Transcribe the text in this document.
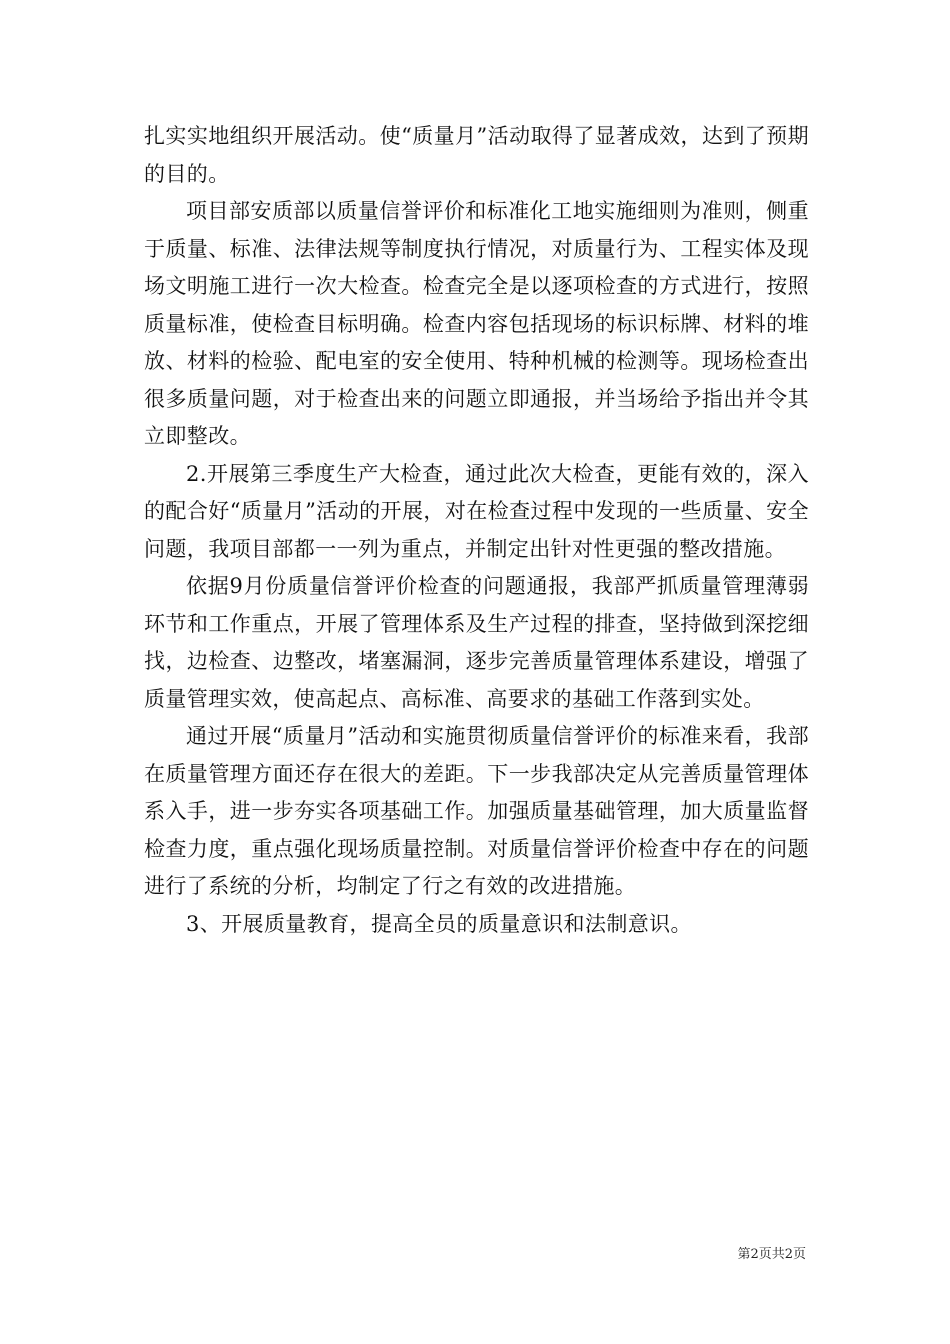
扎实实地组织开展活动。使“质量月”活动取得了显著成效，达到了预期的目的。

项目部安质部以质量信誉评价和标准化工地实施细则为准则，侧重于质量、标准、法律法规等制度执行情况，对质量行为、工程实体及现场文明施工进行一次大检查。检查完全是以逐项检查的方式进行，按照质量标准，使检查目标明确。检查内容包括现场的标识标牌、材料的堆放、材料的检验、配电室的安全使用、特种机械的检测等。现场检查出很多质量问题，对于检查出来的问题立即通报，并当场给予指出并令其立即整改。

2.开展第三季度生产大检查，通过此次大检查，更能有效的，深入的配合好“质量月”活动的开展，对在检查过程中发现的一些质量、安全问题，我项目部都一一列为重点，并制定出针对性更强的整改措施。

依据9月份质量信誉评价检查的问题通报，我部严抓质量管理薄弱环节和工作重点，开展了管理体系及生产过程的排查，坚持做到深挖细找，边检查、边整改，堵塞漏洞，逐步完善质量管理体系建设，增强了质量管理实效，使高起点、高标准、高要求的基础工作落到实处。

通过开展“质量月”活动和实施贯彻质量信誉评价的标准来看，我部在质量管理方面还存在很大的差距。下一步我部决定从完善质量管理体系入手，进一步夯实各项基础工作。加强质量基础管理，加大质量监督检查力度，重点强化现场质量控制。对质量信誉评价检查中存在的问题进行了系统的分析，均制定了行之有效的改进措施。

3、开展质量教育，提高全员的质量意识和法制意识。

第2页共2页
